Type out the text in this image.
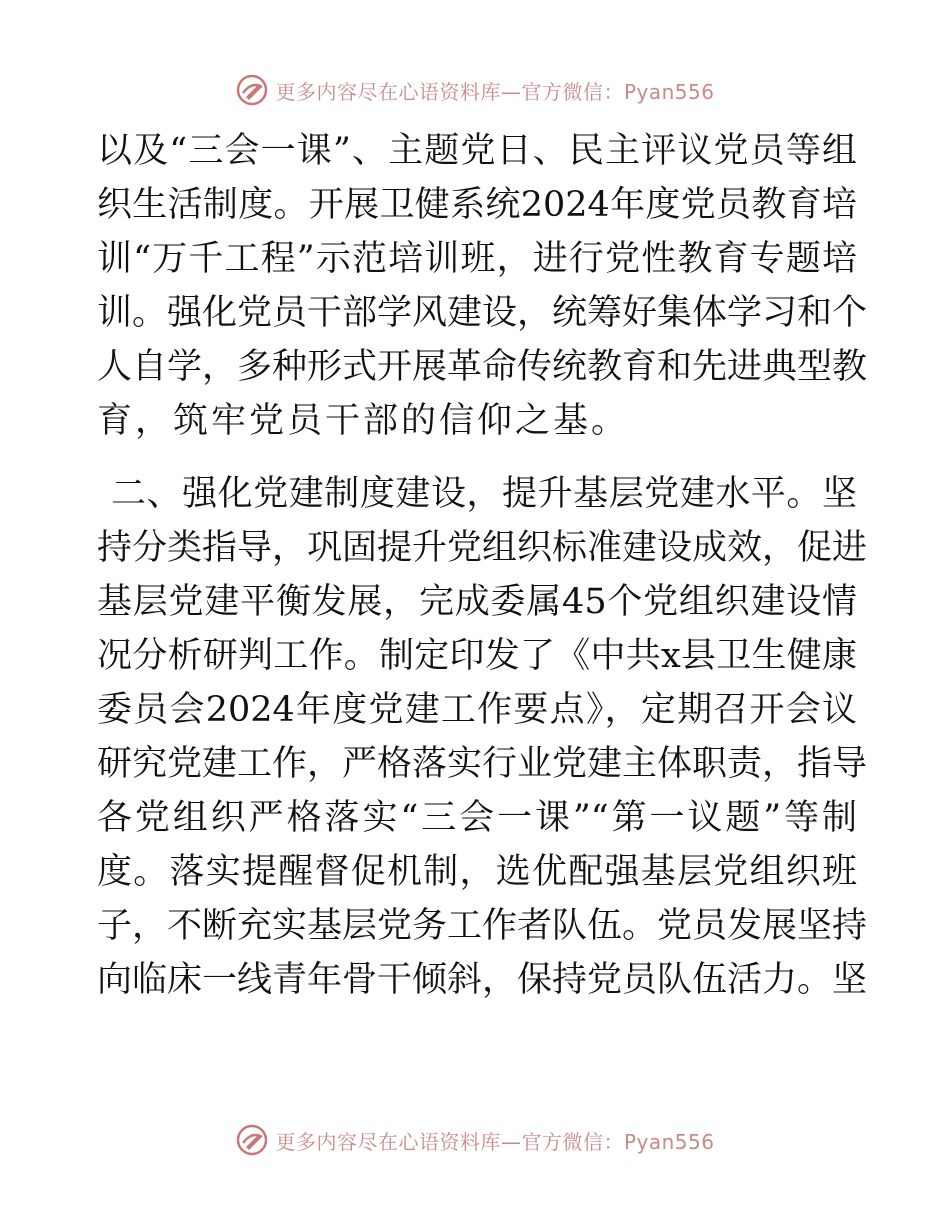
更多内容尽在心语资料库—官方微信：Pyan556
以及“三会一课”、主题党日、民主评议党员等组
织生活制度。开展卫健系统2024年度党员教育培
训“万千工程”示范培训班，进行党性教育专题培
训。强化党员干部学风建设，统筹好集体学习和个
人自学，多种形式开展革命传统教育和先进典型教
育，筑牢党员干部的信仰之基。
二、强化党建制度建设，提升基层党建水平。坚
持分类指导，巩固提升党组织标准建设成效，促进
基层党建平衡发展，完成委属45个党组织建设情
况分析研判工作。制定印发了《中共x县卫生健康
委员会2024年度党建工作要点》，定期召开会议
研究党建工作，严格落实行业党建主体职责，指导
各党组织严格落实“三会一课”“第一议题”等制
度。落实提醒督促机制，选优配强基层党组织班
子，不断充实基层党务工作者队伍。党员发展坚持
向临床一线青年骨干倾斜，保持党员队伍活力。坚
更多内容尽在心语资料库—官方微信：Pyan556
